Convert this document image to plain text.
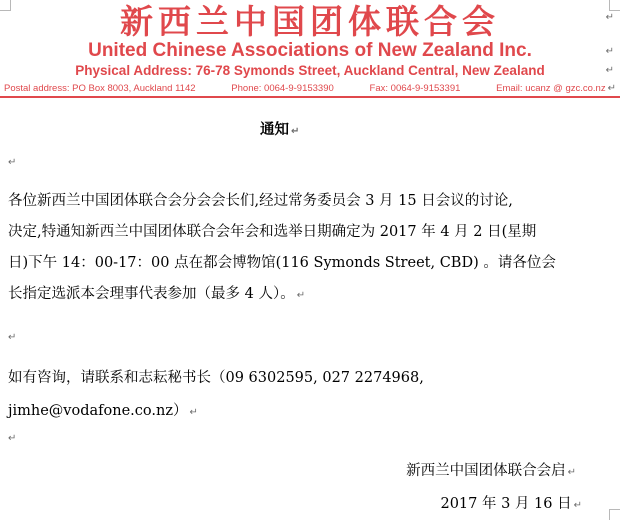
新西兰中国团体联合会	↵
United Chinese Associations of New Zealand Inc.	↵
Physical Address: 76-78 Symonds Street, Auckland Central, New Zealand	↵
Postal address: PO Box 8003, Auckland 1142	Phone: 0064-9-9153390	Fax: 0064-9-9153391	Email: ucanz @ gzc.co.nz ↵
通知 ↵
↵
各位新西兰中国团体联合会分会会长们,经过常务委员会 3 月 15 日会议的讨论,
决定,特通知新西兰中国团体联合会年会和选举日期确定为 2017 年 4 月 2 日(星期
日)下午 14：00-17：00 点在都会博物馆(116 Symonds Street, CBD) 。请各位会
长指定选派本会理事代表参加（最多 4 人）。 ↵
↵
如有咨询，请联系和志耘秘书长（09 6302595, 027 2274968,
jimhe@vodafone.co.nz） ↵
↵
新西兰中国团体联合会启 ↵
2017 年 3 月 16 日 ↵
